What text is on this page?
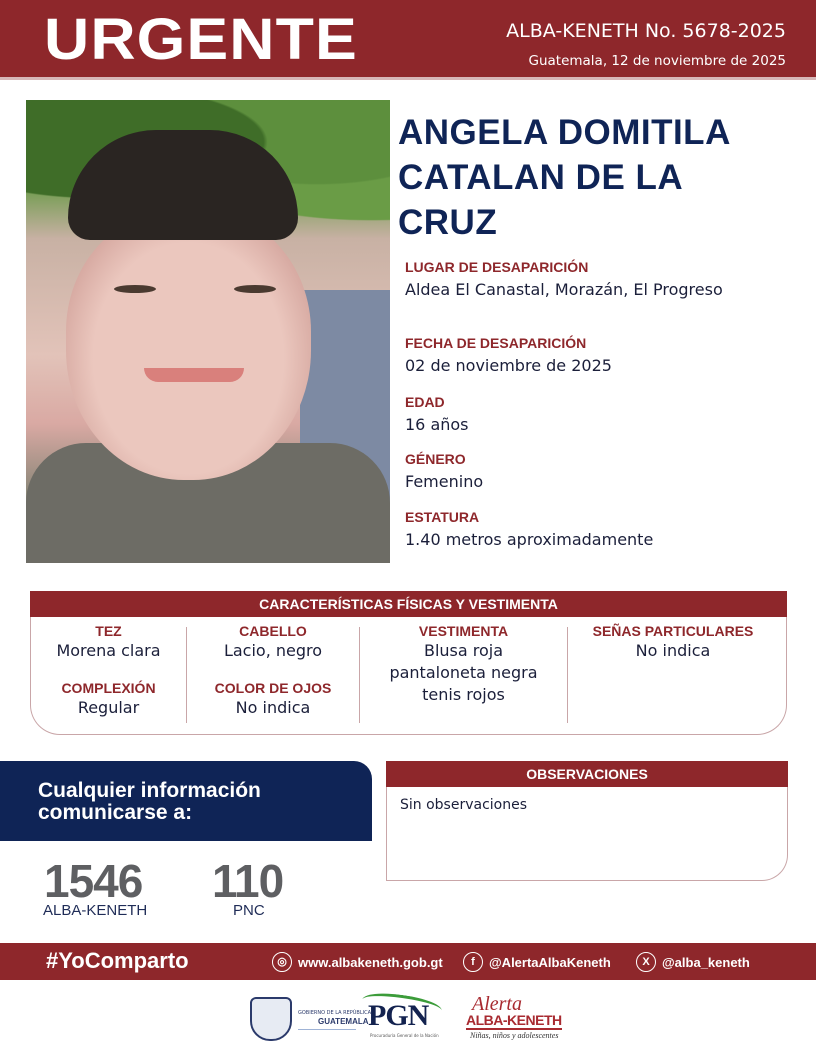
URGENTE	ALBA-KENETH No. 5678-2025
Guatemala, 12 de noviembre de 2025
ANGELA DOMITILA
CATALAN DE LA
CRUZ
LUGAR DE DESAPARICIÓN
Aldea El Canastal, Morazán, El Progreso
FECHA DE DESAPARICIÓN
02 de noviembre de 2025
EDAD
16 años
GÉNERO
Femenino
ESTATURA
1.40 metros aproximadamente
CARACTERÍSTICAS FÍSICAS Y VESTIMENTA
TEZ
Morena clara
COMPLEXIÓN
Regular
CABELLO
Lacio, negro
COLOR DE OJOS
No indica
VESTIMENTA
Blusa roja
pantaloneta negra
tenis rojos
SEÑAS PARTICULARES
No indica
Cualquier información
comunicarse a:
1546
ALBA-KENETH
110
PNC
OBSERVACIONES
Sin observaciones
#YoComparto	◎ www.albakeneth.gob.gt	f	@AlertaAlbaKeneth	X @alba_keneth
GOBIERNO DE LA REPÚBLICA
GUATEMALA PGN
Procuraduría General de la Nación
Alerta
ALBA-KENETH
Niñas, niños y adolescentes
